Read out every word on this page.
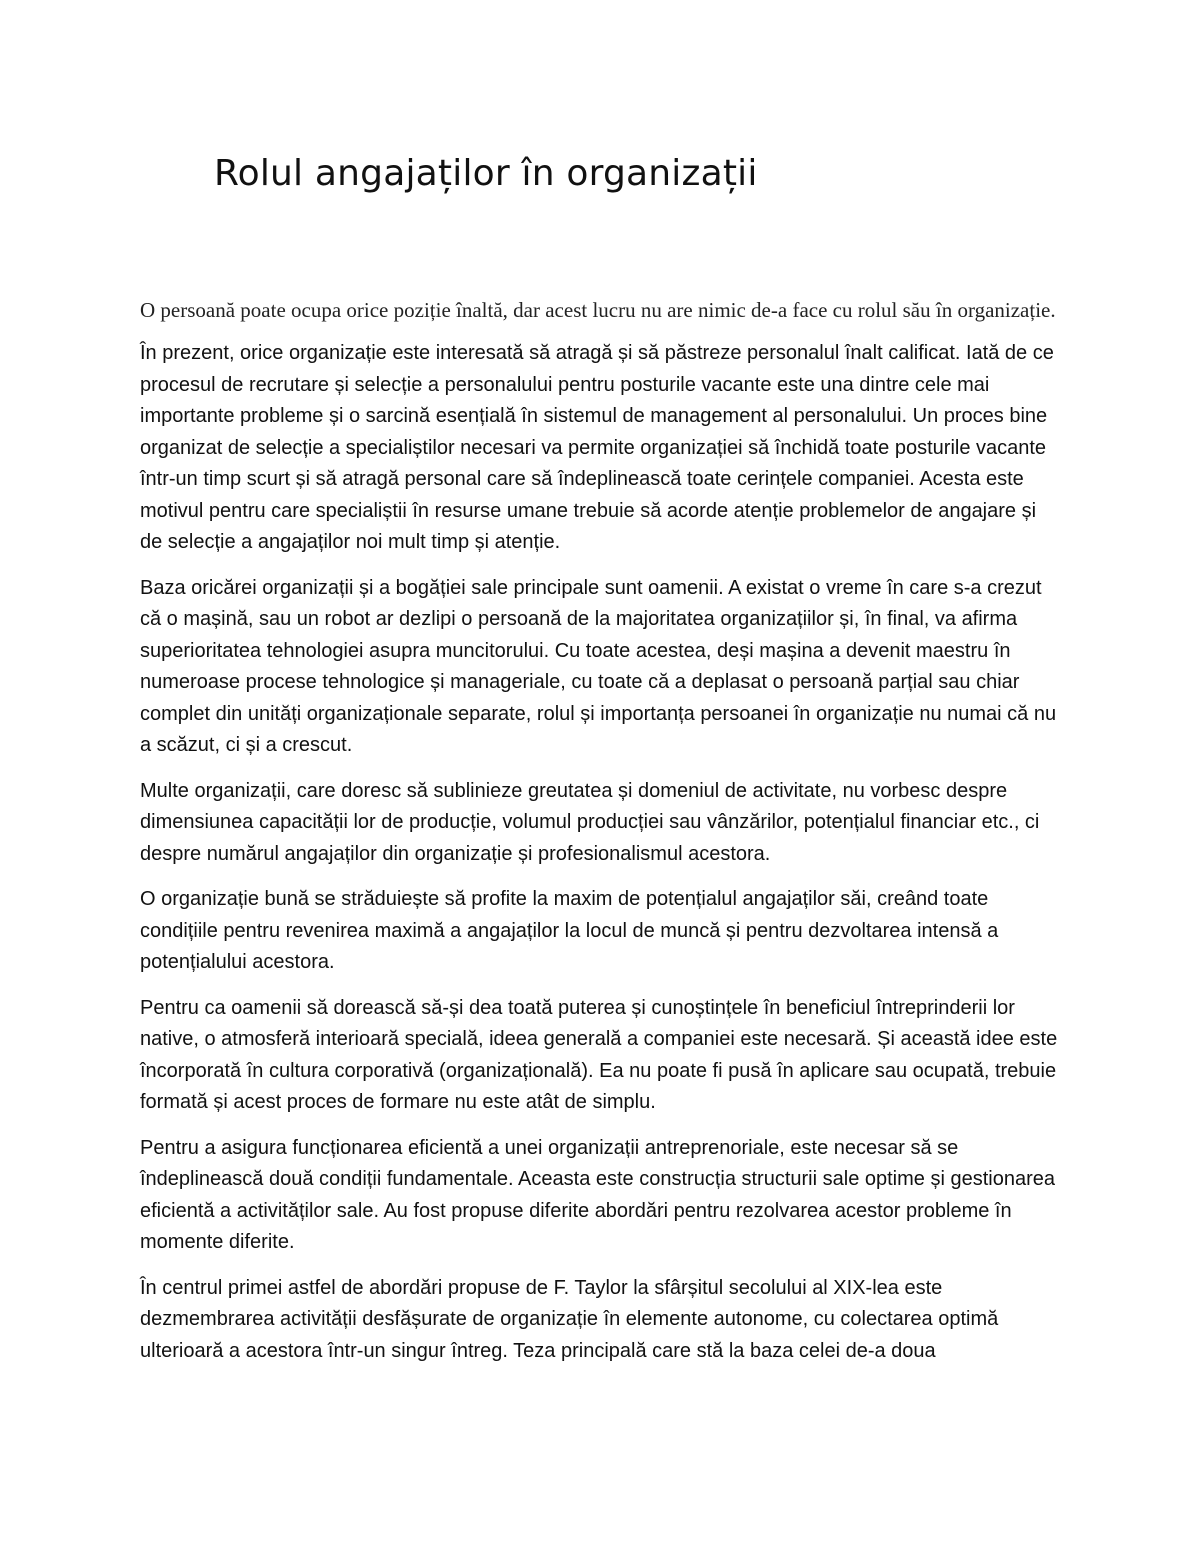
Rolul angajaților în organizații

O persoană poate ocupa orice poziție înaltă, dar acest lucru nu are nimic de-a face cu rolul său în organizație.

În prezent, orice organizație este interesată să atragă și să păstreze personalul înalt calificat. Iată de ce procesul de recrutare și selecție a personalului pentru posturile vacante este una dintre cele mai importante probleme și o sarcină esențială în sistemul de management al personalului. Un proces bine organizat de selecție a specialiștilor necesari va permite organizației să închidă toate posturile vacante într-un timp scurt și să atragă personal care să îndeplinească toate cerințele companiei. Acesta este motivul pentru care specialiștii în resurse umane trebuie să acorde atenție problemelor de angajare și de selecție a angajaților noi mult timp și atenție.

Baza oricărei organizații și a bogăției sale principale sunt oamenii. A existat o vreme în care s-a crezut că o mașină, sau un robot ar dezlipi o persoană de la majoritatea organizațiilor și, în final, va afirma superioritatea tehnologiei asupra muncitorului. Cu toate acestea, deși mașina a devenit maestru în numeroase procese tehnologice și manageriale, cu toate că a deplasat o persoană parțial sau chiar complet din unități organizaționale separate, rolul și importanța persoanei în organizație nu numai că nu a scăzut, ci și a crescut.

Multe organizații, care doresc să sublinieze greutatea și domeniul de activitate, nu vorbesc despre dimensiunea capacității lor de producție, volumul producției sau vânzărilor, potențialul financiar etc., ci despre numărul angajaților din organizație și profesionalismul acestora.

O organizație bună se străduiește să profite la maxim de potențialul angajaților săi, creând toate condițiile pentru revenirea maximă a angajaților la locul de muncă și pentru dezvoltarea intensă a potențialului acestora.

Pentru ca oamenii să dorească să-și dea toată puterea și cunoștințele în beneficiul întreprinderii lor native, o atmosferă interioară specială, ideea generală a companiei este necesară. Și această idee este încorporată în cultura corporativă (organizațională). Ea nu poate fi pusă în aplicare sau ocupată, trebuie formată și acest proces de formare nu este atât de simplu.

Pentru a asigura funcționarea eficientă a unei organizații antreprenoriale, este necesar să se îndeplinească două condiții fundamentale. Aceasta este construcția structurii sale optime și gestionarea eficientă a activităților sale. Au fost propuse diferite abordări pentru rezolvarea acestor probleme în momente diferite.

În centrul primei astfel de abordări propuse de F. Taylor la sfârșitul secolului al XIX-lea este dezmembrarea activității desfășurate de organizație în elemente autonome, cu colectarea optimă ulterioară a acestora într-un singur întreg. Teza principală care stă la baza celei de-a doua
